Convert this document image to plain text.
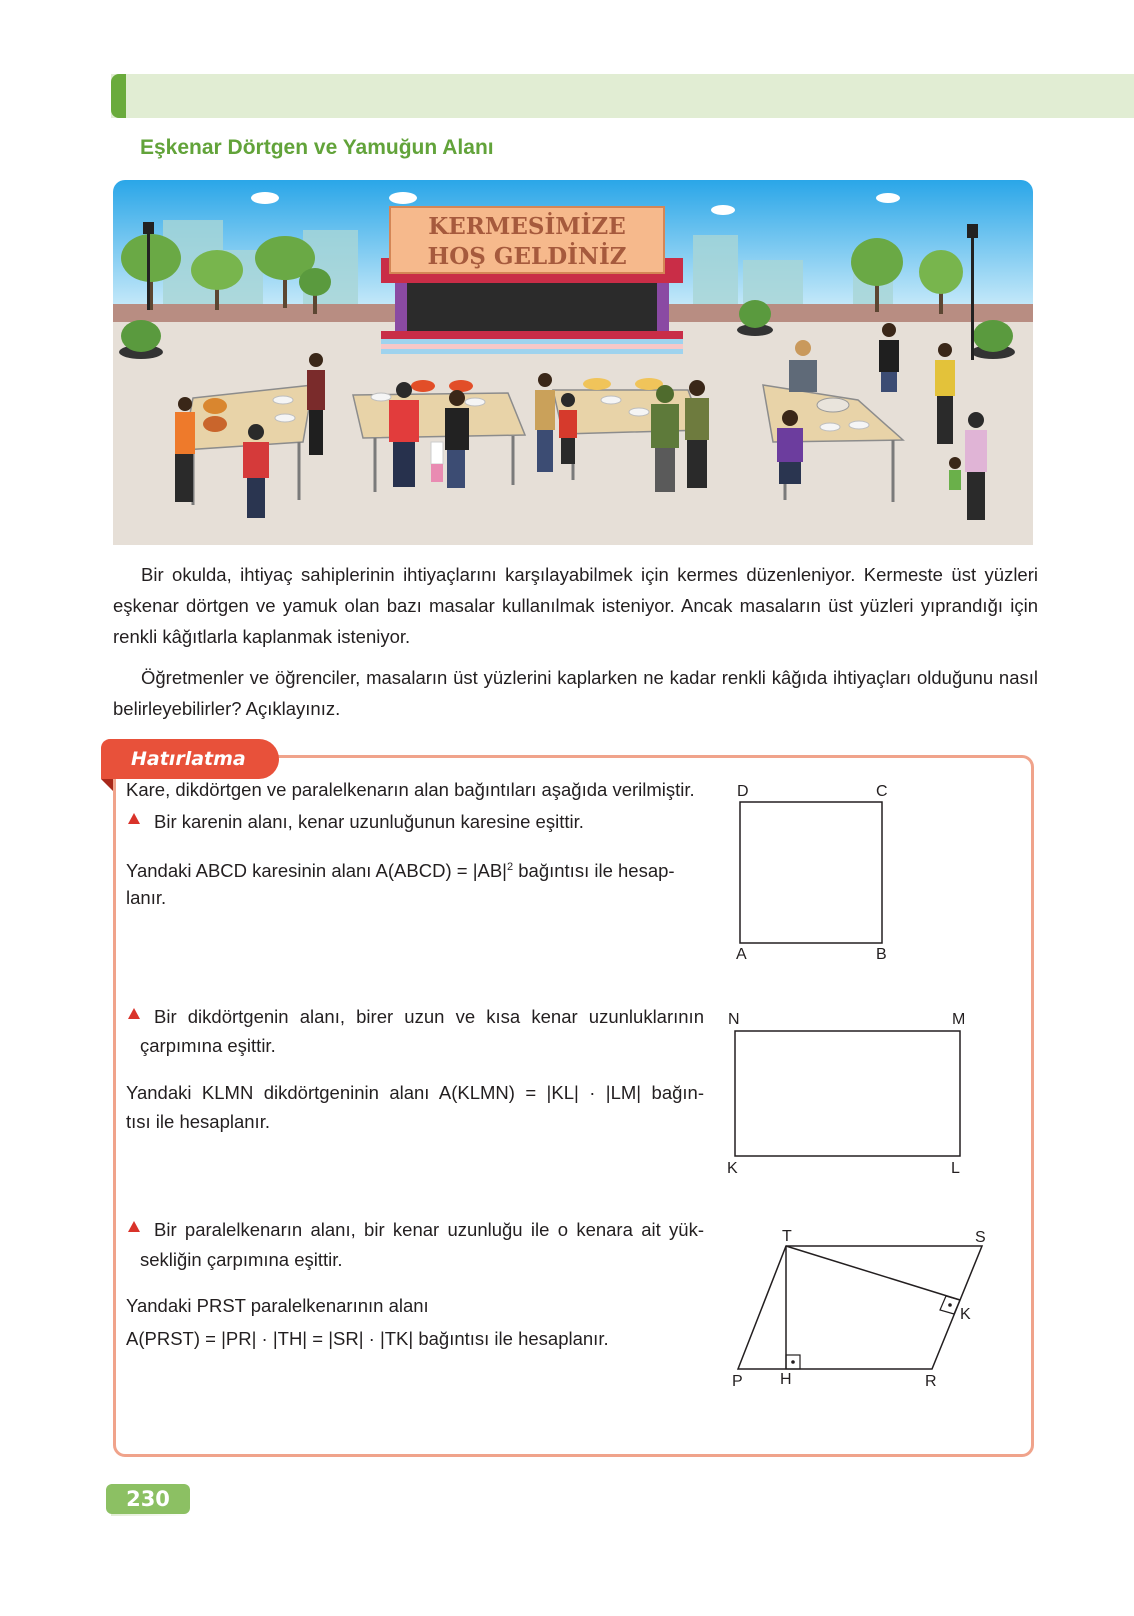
Eşkenar Dörtgen ve Yamuğun Alanı
KERMESİMİZE
HOŞ GELDİNİZ

Bir okulda, ihtiyaç sahiplerinin ihtiyaçlarını karşılayabilmek için kermes düzenleniyor. Kermeste üst yüzleri eşkenar dörtgen ve yamuk olan bazı masalar kullanılmak isteniyor. Ancak masaların üst yüzleri yıprandığı için renkli kâğıtlarla kaplanmak isteniyor.

Öğretmenler ve öğrenciler, masaların üst yüzlerini kaplarken ne kadar renkli kâğıda ihtiyaçları olduğunu nasıl belirleyebilirler? Açıklayınız.

Hatırlatma

Kare, dikdörtgen ve paralelkenarın alan bağıntıları aşağıda verilmiştir.

Bir karenin alanı, kenar uzunluğunun karesine eşittir.

Yandaki ABCD karesinin alanı A(ABCD) = $|AB|^2$ bağıntısı ile hesap-

lanır.

D	C
A	B

Bir dikdörtgenin alanı, birer uzun ve kısa kenar uzunluklarının

çarpımına eşittir.

Yandaki KLMN dikdörtgeninin alanı A(KLMN) = |KL| · |LM| bağın-

tısı ile hesaplanır.

N	M
K	L

Bir paralelkenarın alanı, bir kenar uzunluğu ile o kenara ait yük-

sekliğin çarpımına eşittir.

Yandaki PRST paralelkenarının alanı

A(PRST) = |PR| · |TH| = |SR| · |TK| bağıntısı ile hesaplanır.

T	S
K
P H	R
230
